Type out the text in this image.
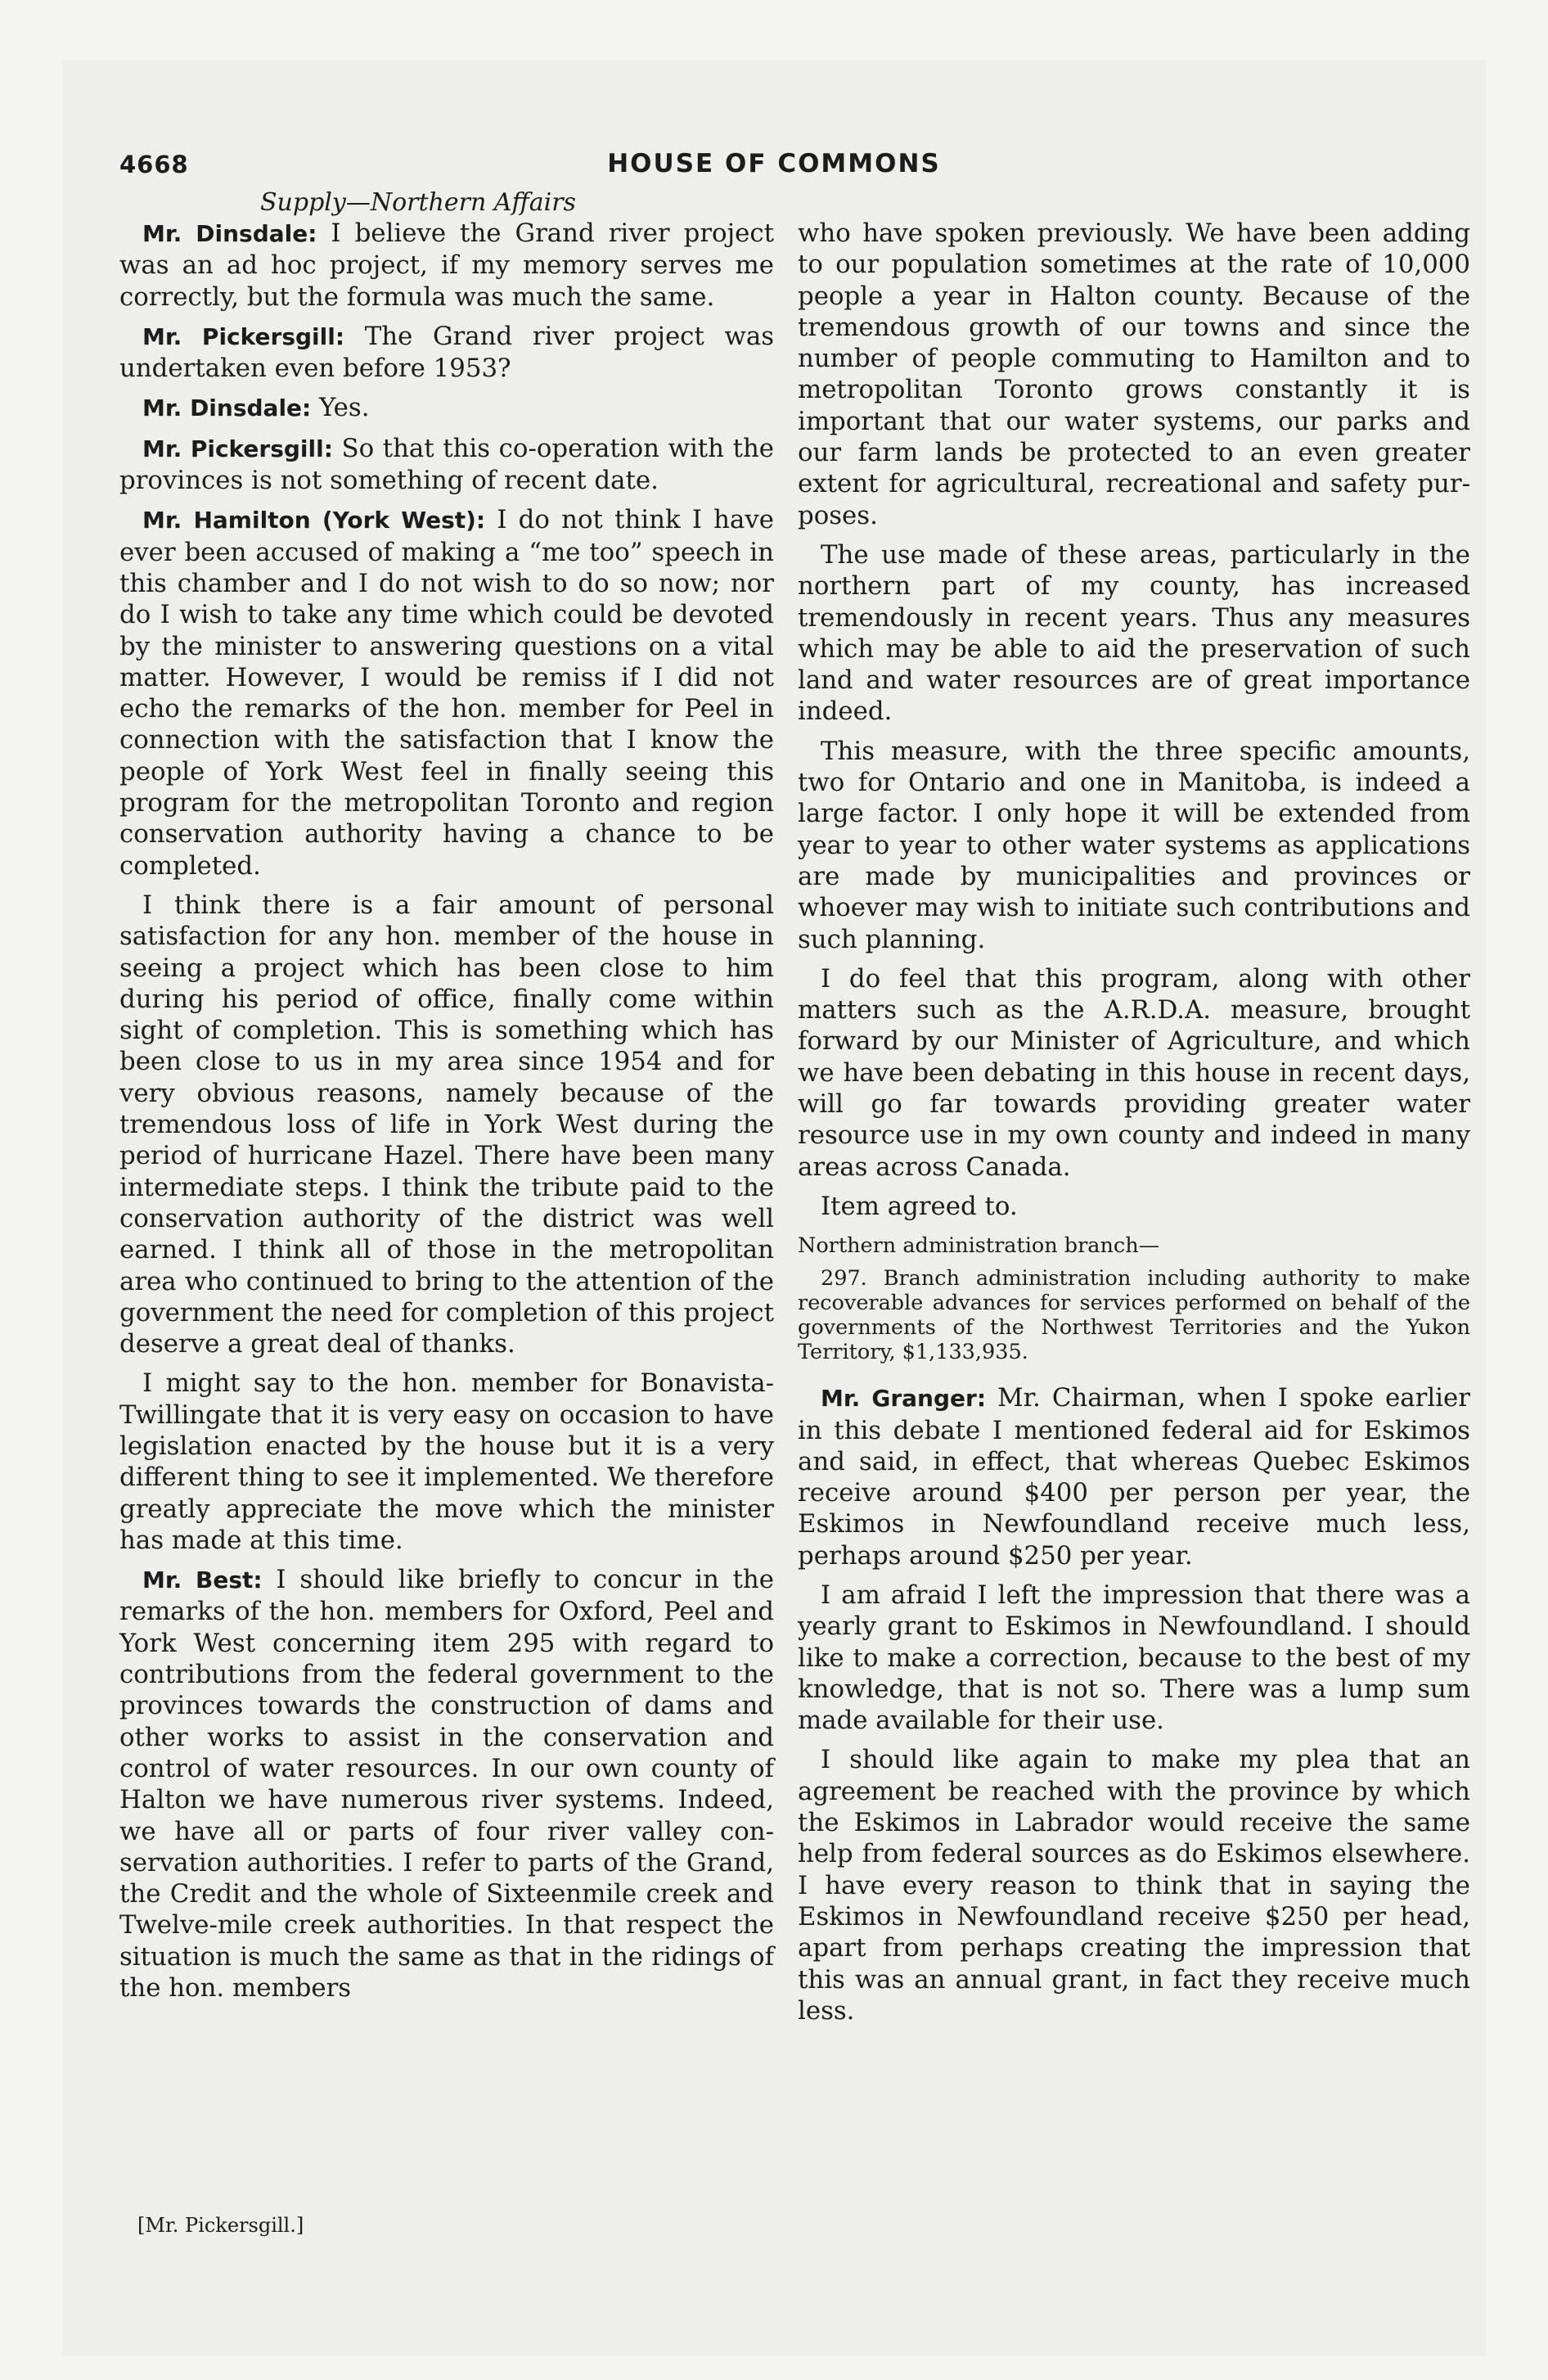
4668	HOUSE OF COMMONS
Supply—Northern Affairs

Mr. Dinsdale: I believe the Grand river project was an ad hoc project, if my memory serves me correctly, but the formula was much the same.

Mr. Pickersgill: The Grand river project was undertaken even before 1953?

Mr. Dinsdale: Yes.

Mr. Pickersgill: So that this co-operation with the provinces is not something of recent date.

Mr. Hamilton (York West): I do not think I have ever been accused of making a “me too” speech in this chamber and I do not wish to do so now; nor do I wish to take any time which could be devoted by the minister to answering questions on a vital matter. However, I would be remiss if I did not echo the remarks of the hon. member for Peel in connection with the satisfaction that I know the people of York West feel in finally seeing this program for the metropolitan Toronto and region conservation authority having a chance to be completed.

I think there is a fair amount of personal satisfaction for any hon. member of the house in seeing a project which has been close to him during his period of office, finally come within sight of completion. This is something which has been close to us in my area since 1954 and for very obvious reasons, namely because of the tremendous loss of life in York West during the period of hurricane Hazel. There have been many intermediate steps. I think the tribute paid to the conservation authority of the district was well earned. I think all of those in the metropolitan area who continued to bring to the attention of the government the need for completion of this project deserve a great deal of thanks.

I might say to the hon. member for Bonavista-Twillingate that it is very easy on occasion to have legislation enacted by the house but it is a very different thing to see it implemented. We therefore greatly appreciate the move which the minister has made at this time.

Mr. Best: I should like briefly to concur in the remarks of the hon. members for Oxford, Peel and York West concerning item 295 with regard to contributions from the federal government to the provinces towards the construction of dams and other works to assist in the conservation and control of water resources. In our own county of Halton we have numerous river systems. Indeed, we have all or parts of four river valley conservation authorities. I refer to parts of the Grand, the Credit and the whole of Sixteenmile creek and Twelve-mile creek authorities. In that respect the situation is much the same as that in the ridings of the hon. members

who have spoken previously. We have been adding to our population sometimes at the rate of 10,000 people a year in Halton county. Because of the tremendous growth of our towns and since the number of people commuting to Hamilton and to metropolitan Toronto grows constantly it is important that our water systems, our parks and our farm lands be protected to an even greater extent for agricultural, recreational and safety purposes.

The use made of these areas, particularly in the northern part of my county, has increased tremendously in recent years. Thus any measures which may be able to aid the preservation of such land and water resources are of great importance indeed.

This measure, with the three specific amounts, two for Ontario and one in Manitoba, is indeed a large factor. I only hope it will be extended from year to year to other water systems as applications are made by municipalities and provinces or whoever may wish to initiate such contributions and such planning.

I do feel that this program, along with other matters such as the A.R.D.A. measure, brought forward by our Minister of Agriculture, and which we have been debating in this house in recent days, will go far towards providing greater water resource use in my own county and indeed in many areas across Canada.

Item agreed to.

Northern administration branch—

297. Branch administration including authority to make recoverable advances for services performed on behalf of the governments of the Northwest Territories and the Yukon Territory, $1,133,935.

Mr. Granger: Mr. Chairman, when I spoke earlier in this debate I mentioned federal aid for Eskimos and said, in effect, that whereas Quebec Eskimos receive around $400 per person per year, the Eskimos in Newfoundland receive much less, perhaps around $250 per year.

I am afraid I left the impression that there was a yearly grant to Eskimos in Newfoundland. I should like to make a correction, because to the best of my knowledge, that is not so. There was a lump sum made available for their use.

I should like again to make my plea that an agreement be reached with the province by which the Eskimos in Labrador would receive the same help from federal sources as do Eskimos elsewhere. I have every reason to think that in saying the Eskimos in Newfoundland receive $250 per head, apart from perhaps creating the impression that this was an annual grant, in fact they receive much less.

[Mr. Pickersgill.]
